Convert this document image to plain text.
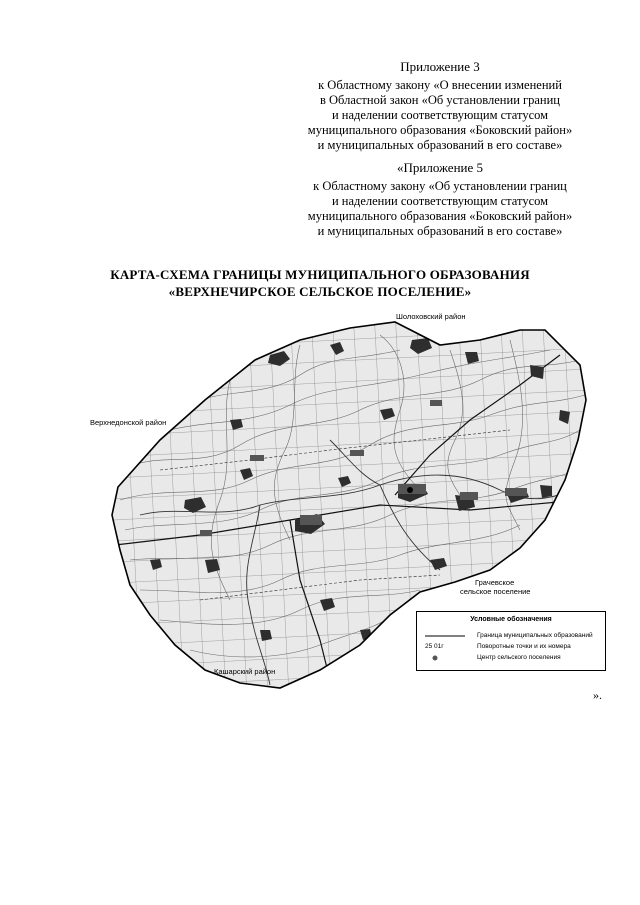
Приложение 3
к Областному закону «О внесении изменений
в Областной закон «Об установлении границ
и наделении соответствующим статусом
муниципального образования «Боковский район»
и муниципальных образований в его составе»
«Приложение 5
к Областному закону «Об установлении границ
и наделении соответствующим статусом
муниципального образования «Боковский район»
и муниципальных образований в его составе»
КАРТА-СХЕМА ГРАНИЦЫ МУНИЦИПАЛЬНОГО ОБРАЗОВАНИЯ
«ВЕРХНЕЧИРСКОЕ СЕЛЬСКОЕ ПОСЕЛЕНИЕ»
Шолоховский район
Верхнедонской район
Грачевское
сельское поселение
Кашарский район
Условные обозначения
Граница муниципальных образований
25 01г	Поворотные точки и их номера
Центр сельского поселения
».
